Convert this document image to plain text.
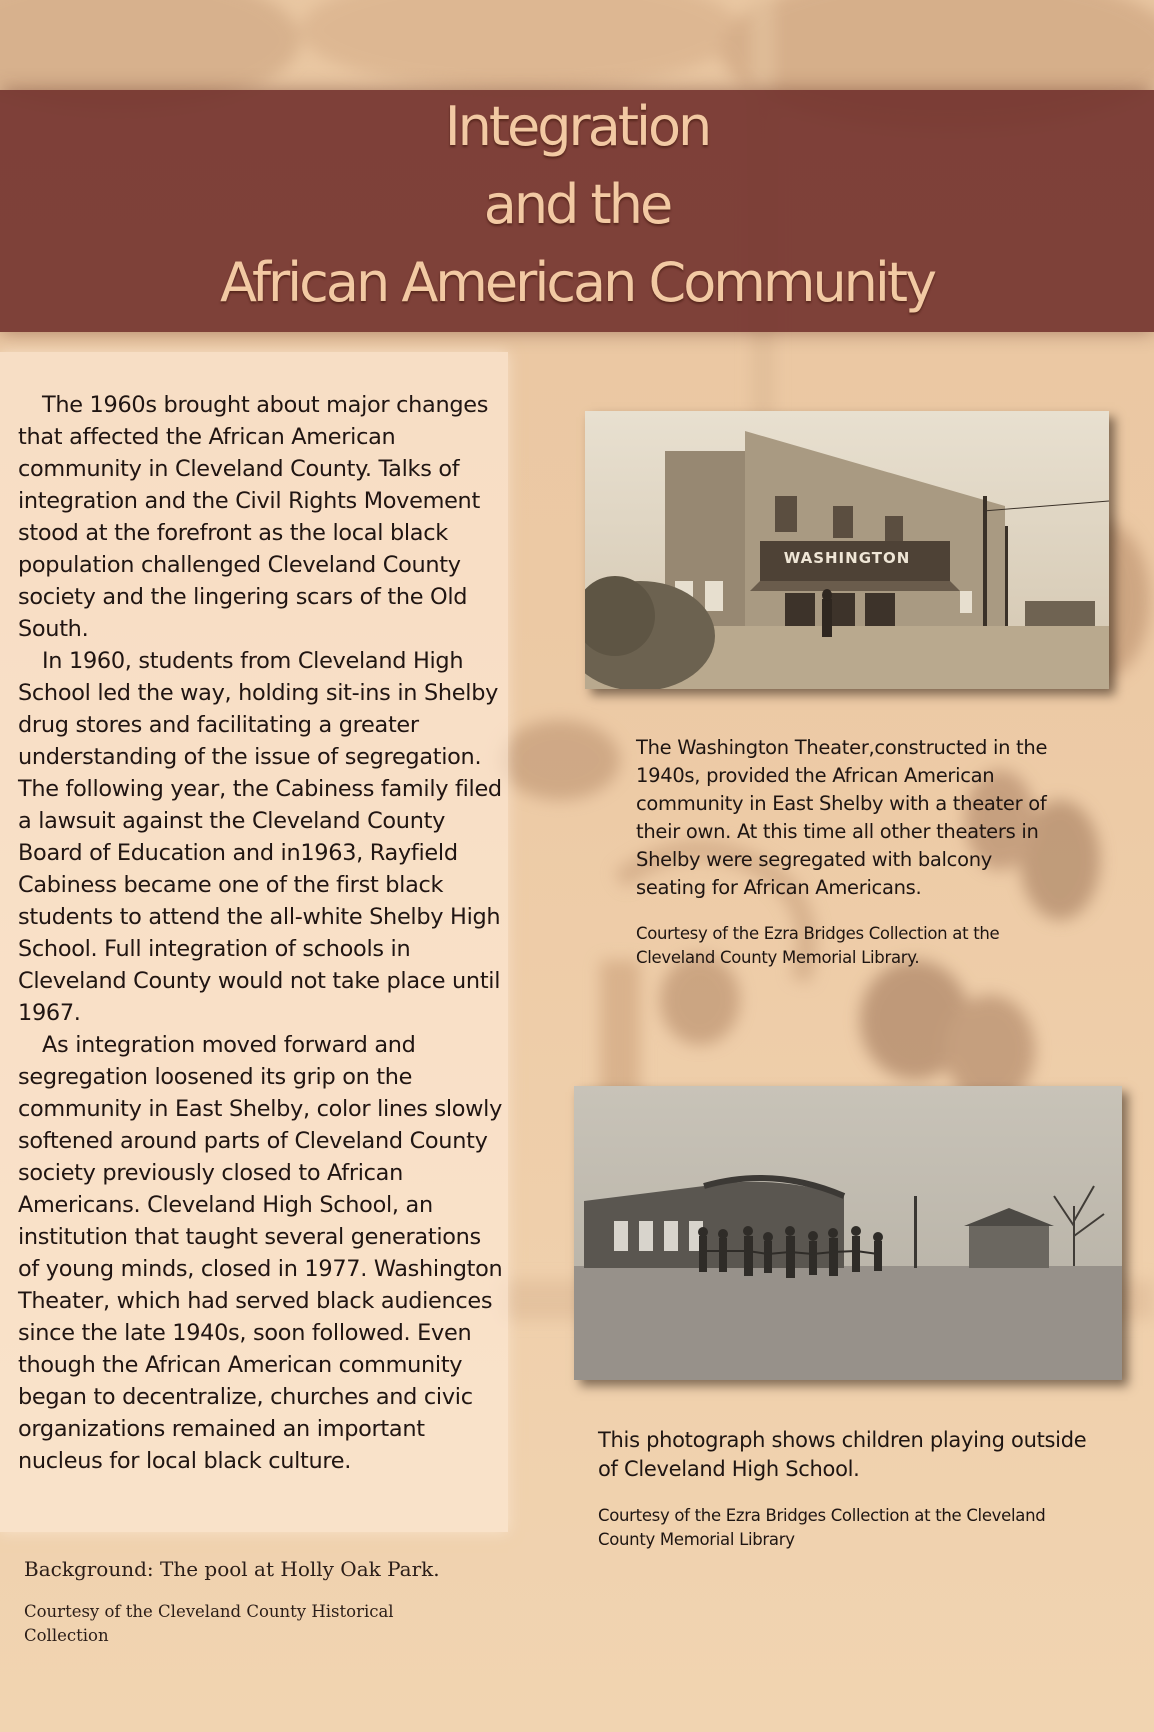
Integration
and the
African American Community

The 1960s brought about major changes that affected the African American community in Cleveland County. Talks of integration and the Civil Rights Movement stood at the forefront as the local black population challenged Cleveland County society and the lingering scars of the Old South.

In 1960, students from Cleveland High School led the way, holding sit-ins in Shelby drug stores and facilitating a greater understanding of the issue of segregation. The following year, the Cabiness family filed a lawsuit against the Cleveland County Board of Education and in1963, Rayfield Cabiness became one of the first black students to attend the all-white Shelby High School. Full integration of schools in Cleveland County would not take place until 1967.

As integration moved forward and segregation loosened its grip on the community in East Shelby, color lines slowly softened around parts of Cleveland County society previously closed to African Americans. Cleveland High School, an institution that taught several generations of young minds, closed in 1977. Washington Theater, which had served black audiences since the late 1940s, soon followed. Even though the African American community began to decentralize, churches and civic organizations remained an important nucleus for local black culture.

Background: The pool at Holly Oak Park.
Courtesy of the Cleveland County Historical Collection
WASHINGTON
The Washington Theater,constructed in the 1940s, provided the African American community in East Shelby with a theater of their own. At this time all other theaters in Shelby were segregated with balcony seating for African Americans.
Courtesy of the Ezra Bridges Collection at the Cleveland County Memorial Library.
This photograph shows children playing outside of Cleveland High School.
Courtesy of the Ezra Bridges Collection at the Cleveland County Memorial Library
